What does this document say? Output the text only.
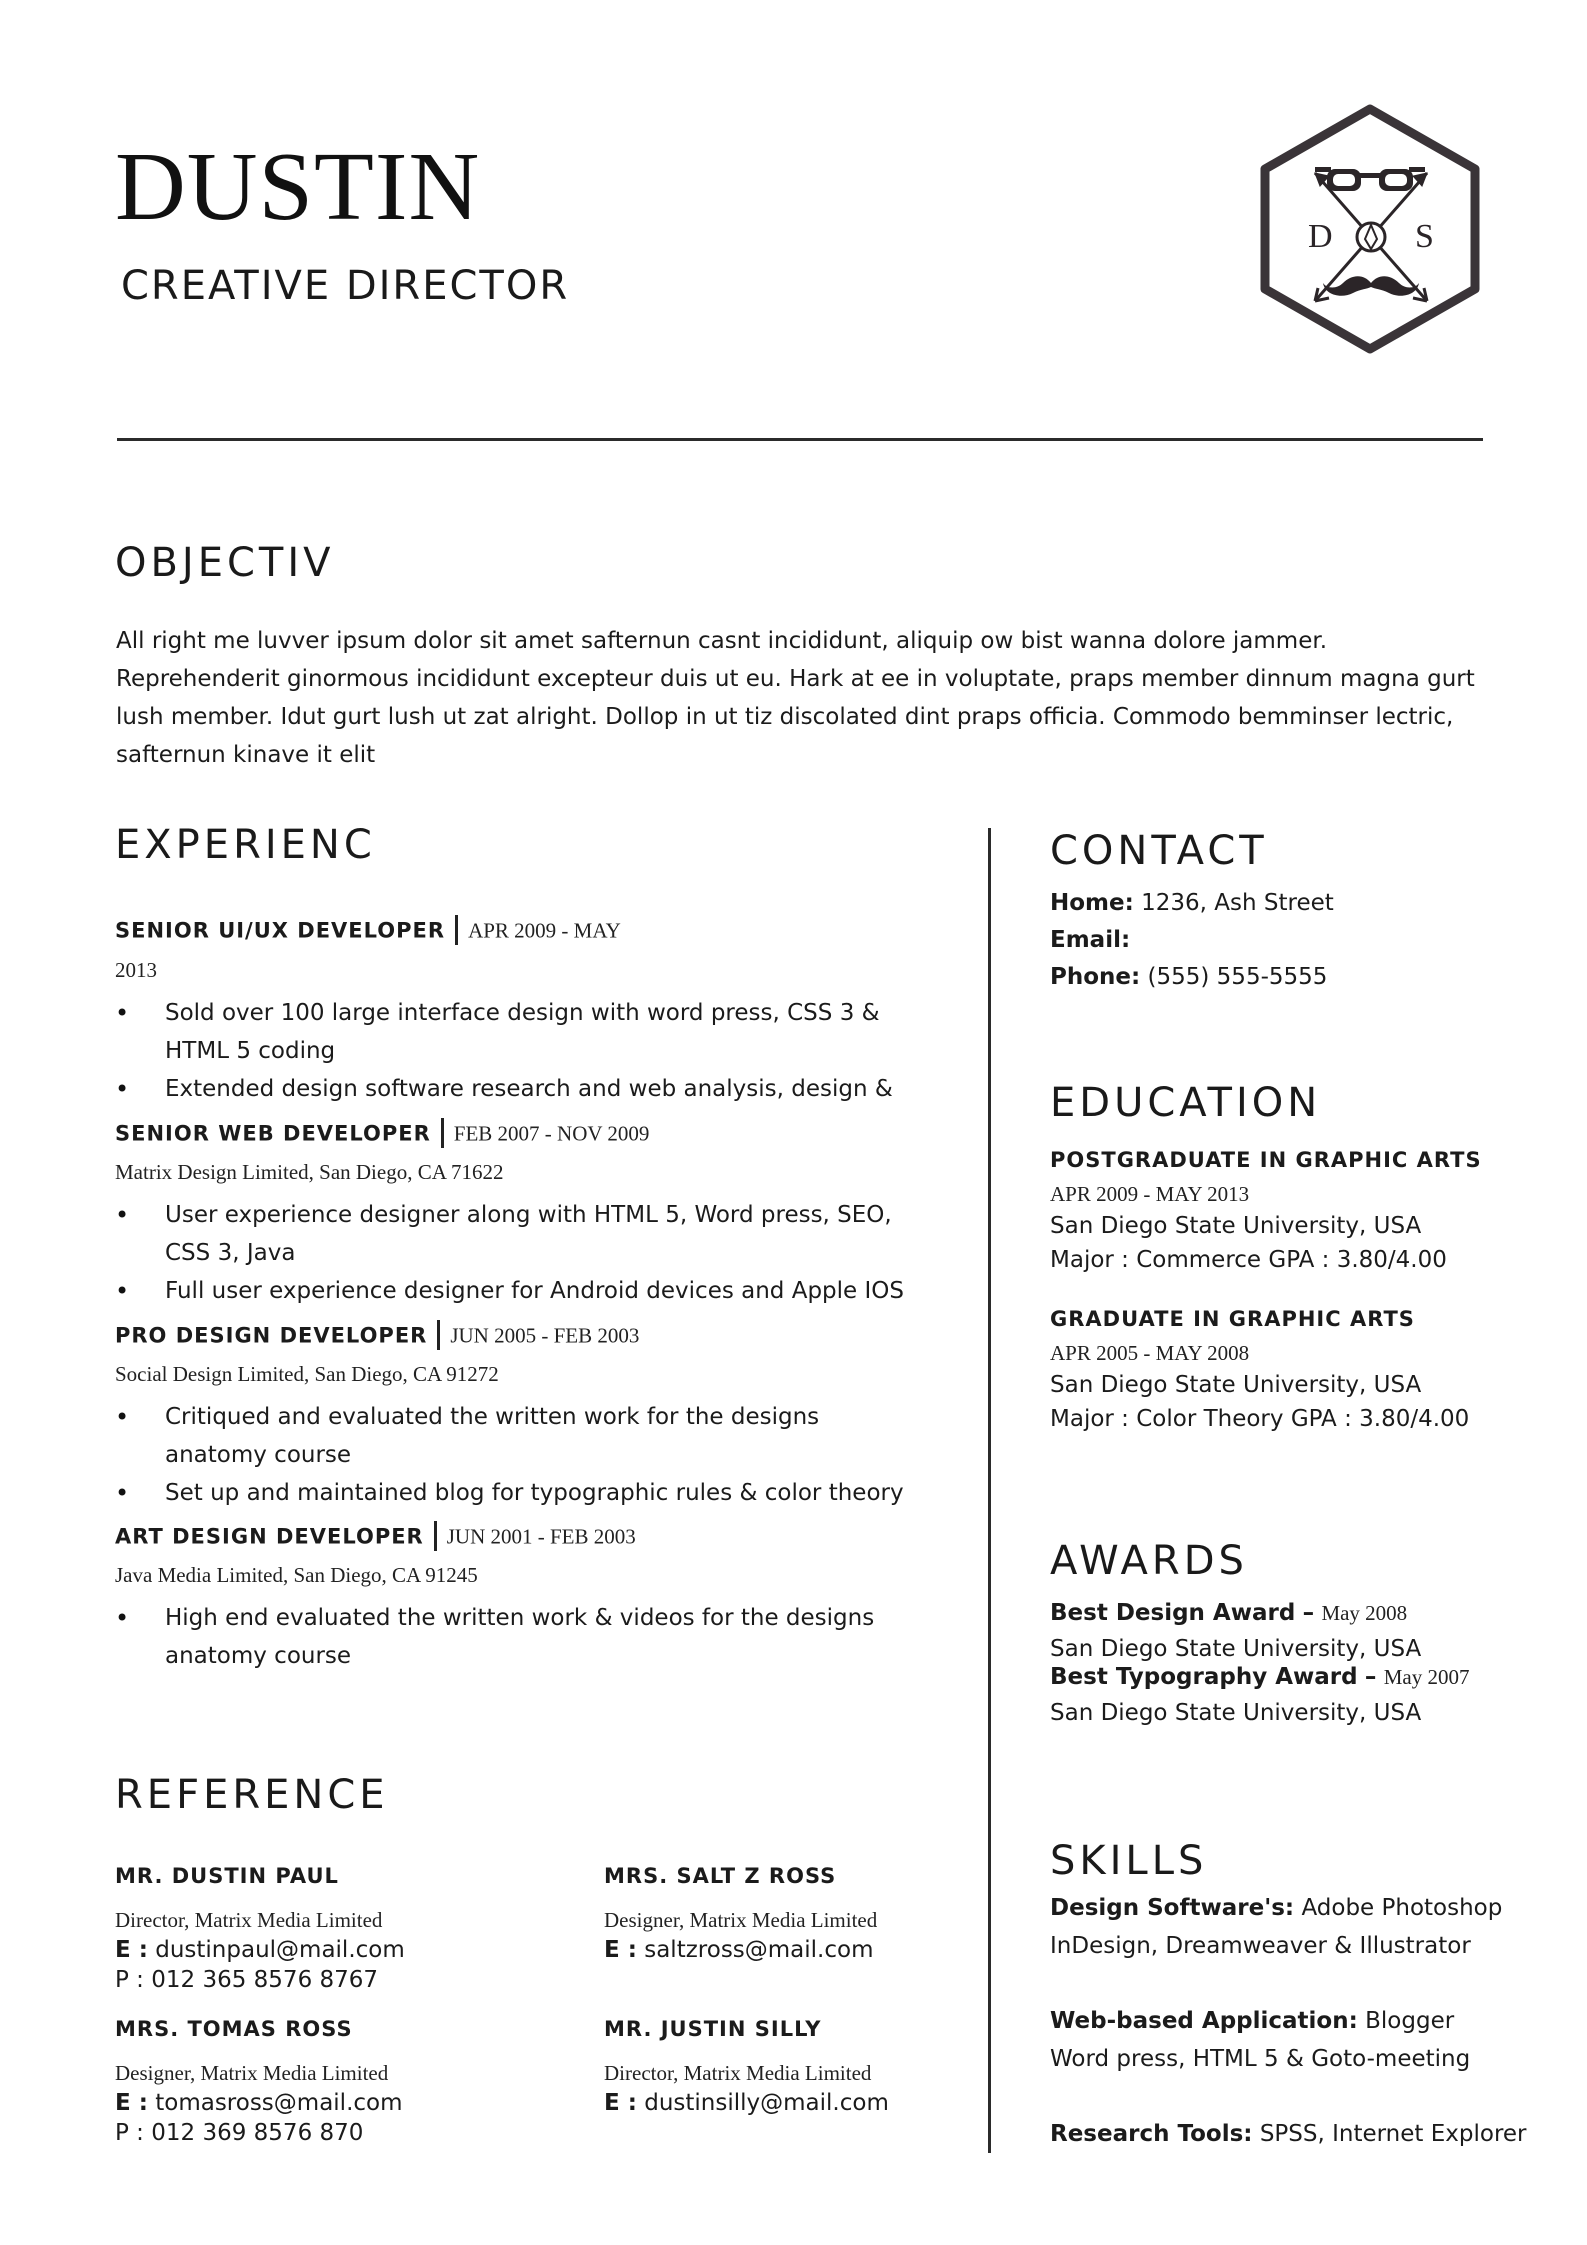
DUSTIN
CREATIVE DIRECTOR
D S
OBJECTIV
All right me luvver ipsum dolor sit amet safternun casnt incididunt, aliquip ow bist wanna dolore jammer. Reprehenderit ginormous incididunt excepteur duis ut eu. Hark at ee in voluptate, praps member dinnum magna gurt lush member. Idut gurt lush ut zat alright. Dollop in ut tiz discolated dint praps officia. Commodo bemminser lectric, safternun kinave it elit
EXPERIENC
SENIOR UI/UX DEVELOPER APR 2009 - MAY
2013
• Sold over 100 large interface design with word press, CSS 3 & HTML 5 coding
• Extended design software research and web analysis, design &
SENIOR WEB DEVELOPER FEB 2007 - NOV 2009
Matrix Design Limited, San Diego, CA 71622
• User experience designer along with HTML 5, Word press, SEO, CSS 3, Java
• Full user experience designer for Android devices and Apple IOS
PRO DESIGN DEVELOPER JUN 2005 - FEB 2003
Social Design Limited, San Diego, CA 91272
• Critiqued and evaluated the written work for the designs anatomy course
• Set up and maintained blog for typographic rules & color theory
ART DESIGN DEVELOPER JUN 2001 - FEB 2003
Java Media Limited, San Diego, CA 91245
• High end evaluated the written work & videos for the designs anatomy course
REFERENCE
MR. DUSTIN PAUL
Director, Matrix Media Limited
E : dustinpaul@mail.com
P : 012 365 8576 8767
MRS. SALT Z ROSS
Designer, Matrix Media Limited
E : saltzross@mail.com
MRS. TOMAS ROSS
Designer, Matrix Media Limited
E : tomasross@mail.com
P : 012 369 8576 870
MR. JUSTIN SILLY
Director, Matrix Media Limited
E : dustinsilly@mail.com
CONTACT
Home: 1236, Ash Street
Email:
Phone: (555) 555-5555
EDUCATION
POSTGRADUATE IN GRAPHIC ARTS
APR 2009 - MAY 2013
San Diego State University, USA
Major : Commerce GPA : 3.80/4.00
GRADUATE IN GRAPHIC ARTS
APR 2005 - MAY 2008
San Diego State University, USA
Major : Color Theory GPA : 3.80/4.00
AWARDS
Best Design Award – May 2008
San Diego State University, USA
Best Typography Award – May 2007
San Diego State University, USA
SKILLS
Design Software's: Adobe Photoshop
InDesign, Dreamweaver & Illustrator
Web-based Application: Blogger
Word press, HTML 5 & Goto-meeting
Research Tools: SPSS, Internet Explorer
